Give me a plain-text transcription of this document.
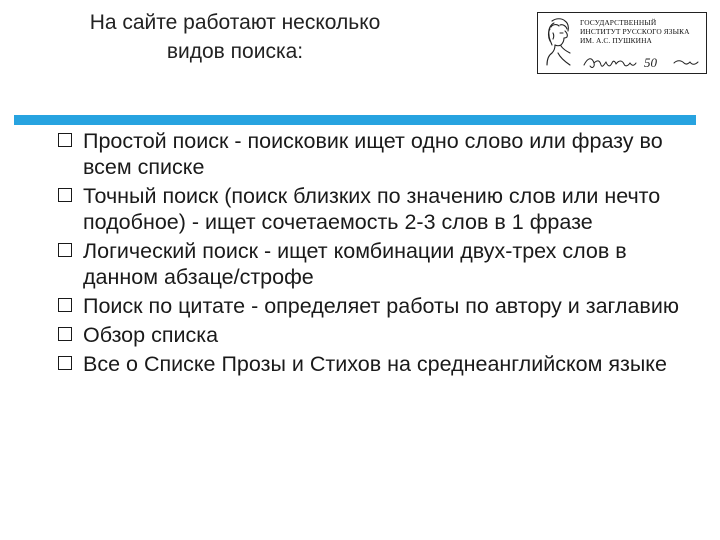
На сайте работают несколько
видов поиска:
ГОСУДАРСТВЕННЫЙ
ИНСТИТУТ РУССКОГО ЯЗЫКА
ИМ. А.С. ПУШКИНА
50
Простой поиск - поисковик ищет одно слово или фразу во всем списке
Точный поиск (поиск близких по значению слов или нечто подобное) - ищет сочетаемость 2-3 слов в 1 фразе
Логический поиск - ищет комбинации двух-трех слов в данном абзаце/строфе
Поиск по цитате - определяет работы по автору и заглавию
Обзор списка
Все о Списке Прозы и Стихов на среднеанглийском языке
